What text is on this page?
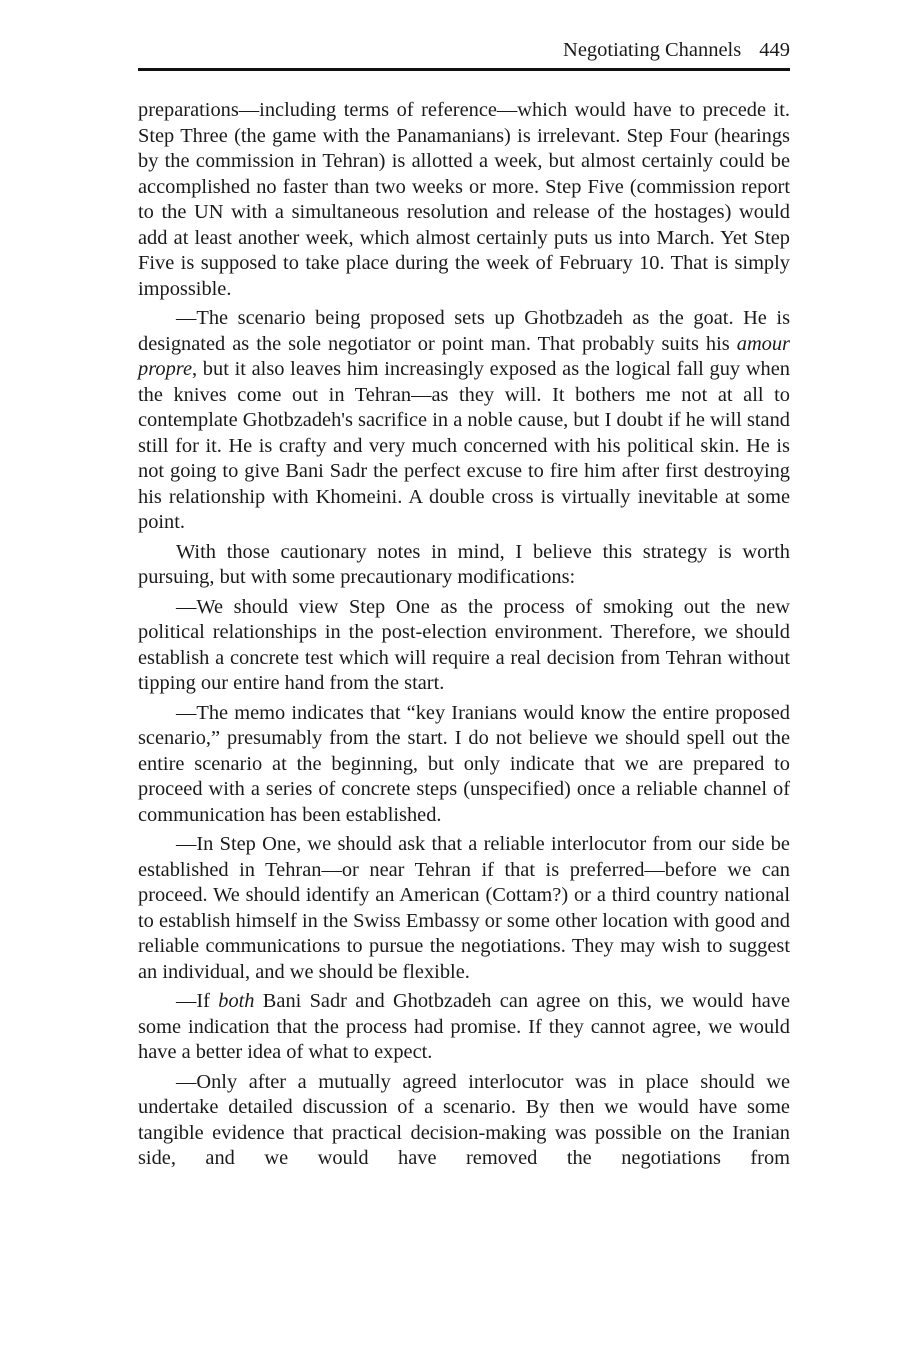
Negotiating Channels 449

preparations—including terms of reference—which would have to precede it. Step Three (the game with the Panamanians) is irrelevant. Step Four (hearings by the commission in Tehran) is allotted a week, but almost certainly could be accomplished no faster than two weeks or more. Step Five (commission report to the UN with a simultaneous resolution and release of the hostages) would add at least another week, which almost certainly puts us into March. Yet Step Five is supposed to take place during the week of February 10. That is simply impossible.

—The scenario being proposed sets up Ghotbzadeh as the goat. He is designated as the sole negotiator or point man. That probably suits his amour propre, but it also leaves him increasingly exposed as the logical fall guy when the knives come out in Tehran—as they will. It bothers me not at all to contemplate Ghotbzadeh's sacrifice in a noble cause, but I doubt if he will stand still for it. He is crafty and very much concerned with his political skin. He is not going to give Bani Sadr the perfect excuse to fire him after first destroying his relationship with Khomeini. A double cross is virtually inevitable at some point.

With those cautionary notes in mind, I believe this strategy is worth pursuing, but with some precautionary modifications:

—We should view Step One as the process of smoking out the new political relationships in the post-election environment. Therefore, we should establish a concrete test which will require a real decision from Tehran without tipping our entire hand from the start.

—The memo indicates that “key Iranians would know the entire proposed scenario,” presumably from the start. I do not believe we should spell out the entire scenario at the beginning, but only indicate that we are prepared to proceed with a series of concrete steps (unspecified) once a reliable channel of communication has been established.

—In Step One, we should ask that a reliable interlocutor from our side be established in Tehran—or near Tehran if that is preferred—before we can proceed. We should identify an American (Cottam?) or a third country national to establish himself in the Swiss Embassy or some other location with good and reliable communications to pursue the negotiations. They may wish to suggest an individual, and we should be flexible.

—If both Bani Sadr and Ghotbzadeh can agree on this, we would have some indication that the process had promise. If they cannot agree, we would have a better idea of what to expect.

—Only after a mutually agreed interlocutor was in place should we undertake detailed discussion of a scenario. By then we would have some tangible evidence that practical decision-making was possible on the Iranian side, and we would have removed the negotiations from
